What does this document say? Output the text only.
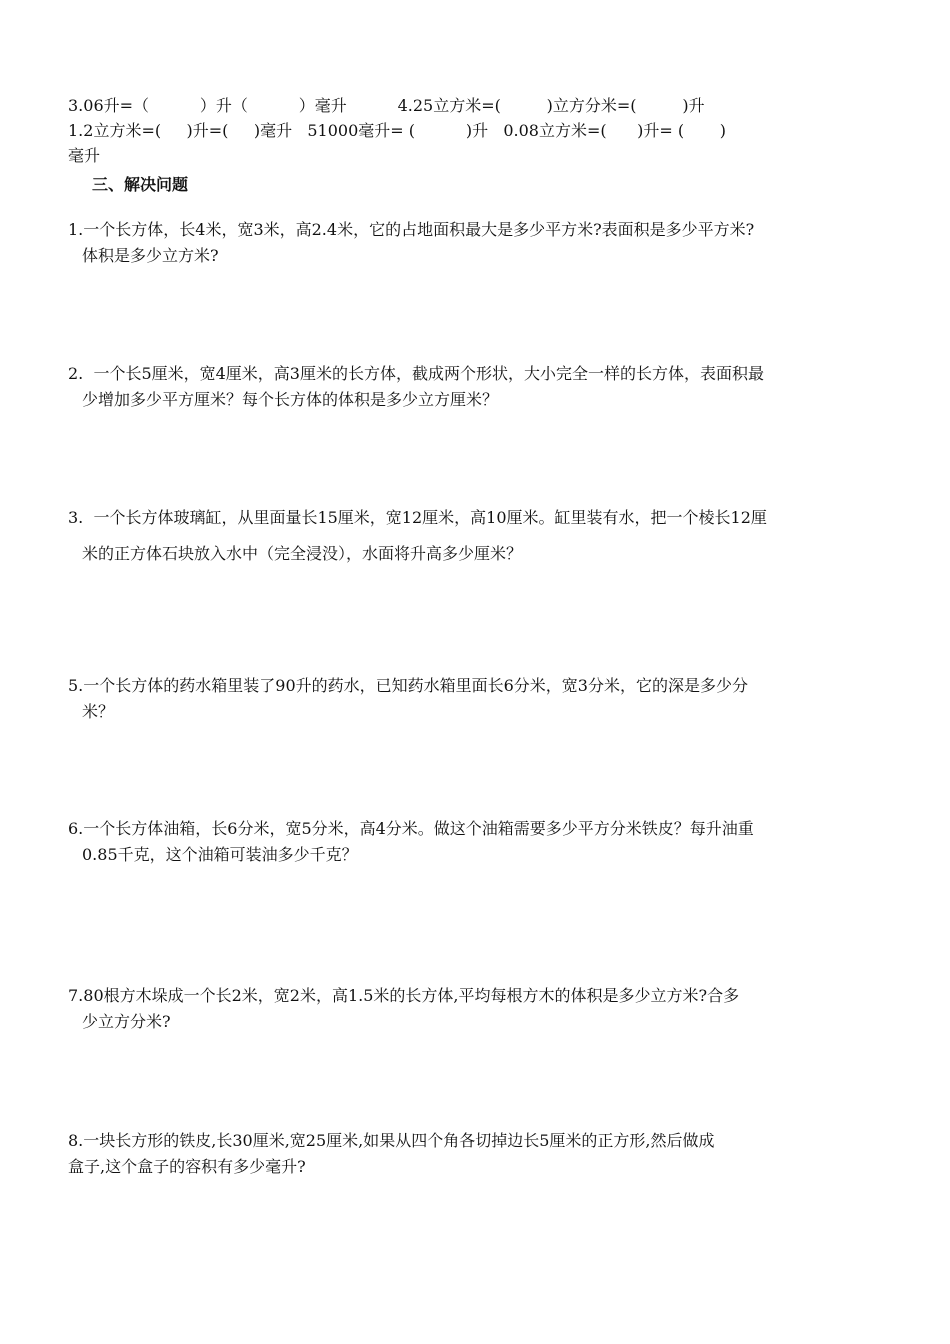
3.06升=（          ）升（          ）毫升          4.25立方米=(         )立方分米=(         )升
1.2立方米=(     )升=(     )毫升   51000毫升= (          )升   0.08立方米=(      )升= (       )
毫升
三、解决问题

1.一个长方体，长4米，宽3米，高2.4米，它的占地面积最大是多少平方米?表面积是多少平方米?

体积是多少立方米?

2.  一个长5厘米，宽4厘米，高3厘米的长方体，截成两个形状，大小完全一样的长方体，表面积最

少增加多少平方厘米？每个长方体的体积是多少立方厘米？

3.  一个长方体玻璃缸，从里面量长15厘米，宽12厘米，高10厘米。缸里装有水，把一个棱长12厘

米的正方体石块放入水中（完全浸没），水面将升高多少厘米？

5.一个长方体的药水箱里装了90升的药水，已知药水箱里面长6分米，宽3分米，它的深是多少分

米？

6.一个长方体油箱，长6分米，宽5分米，高4分米。做这个油箱需要多少平方分米铁皮？每升油重

0.85千克，这个油箱可装油多少千克？

7.80根方木垛成一个长2米，宽2米，高1.5米的长方体,平均每根方木的体积是多少立方米?合多

少立方分米?

8.一块长方形的铁皮,长30厘米,宽25厘米,如果从四个角各切掉边长5厘米的正方形,然后做成

盒子,这个盒子的容积有多少毫升?
